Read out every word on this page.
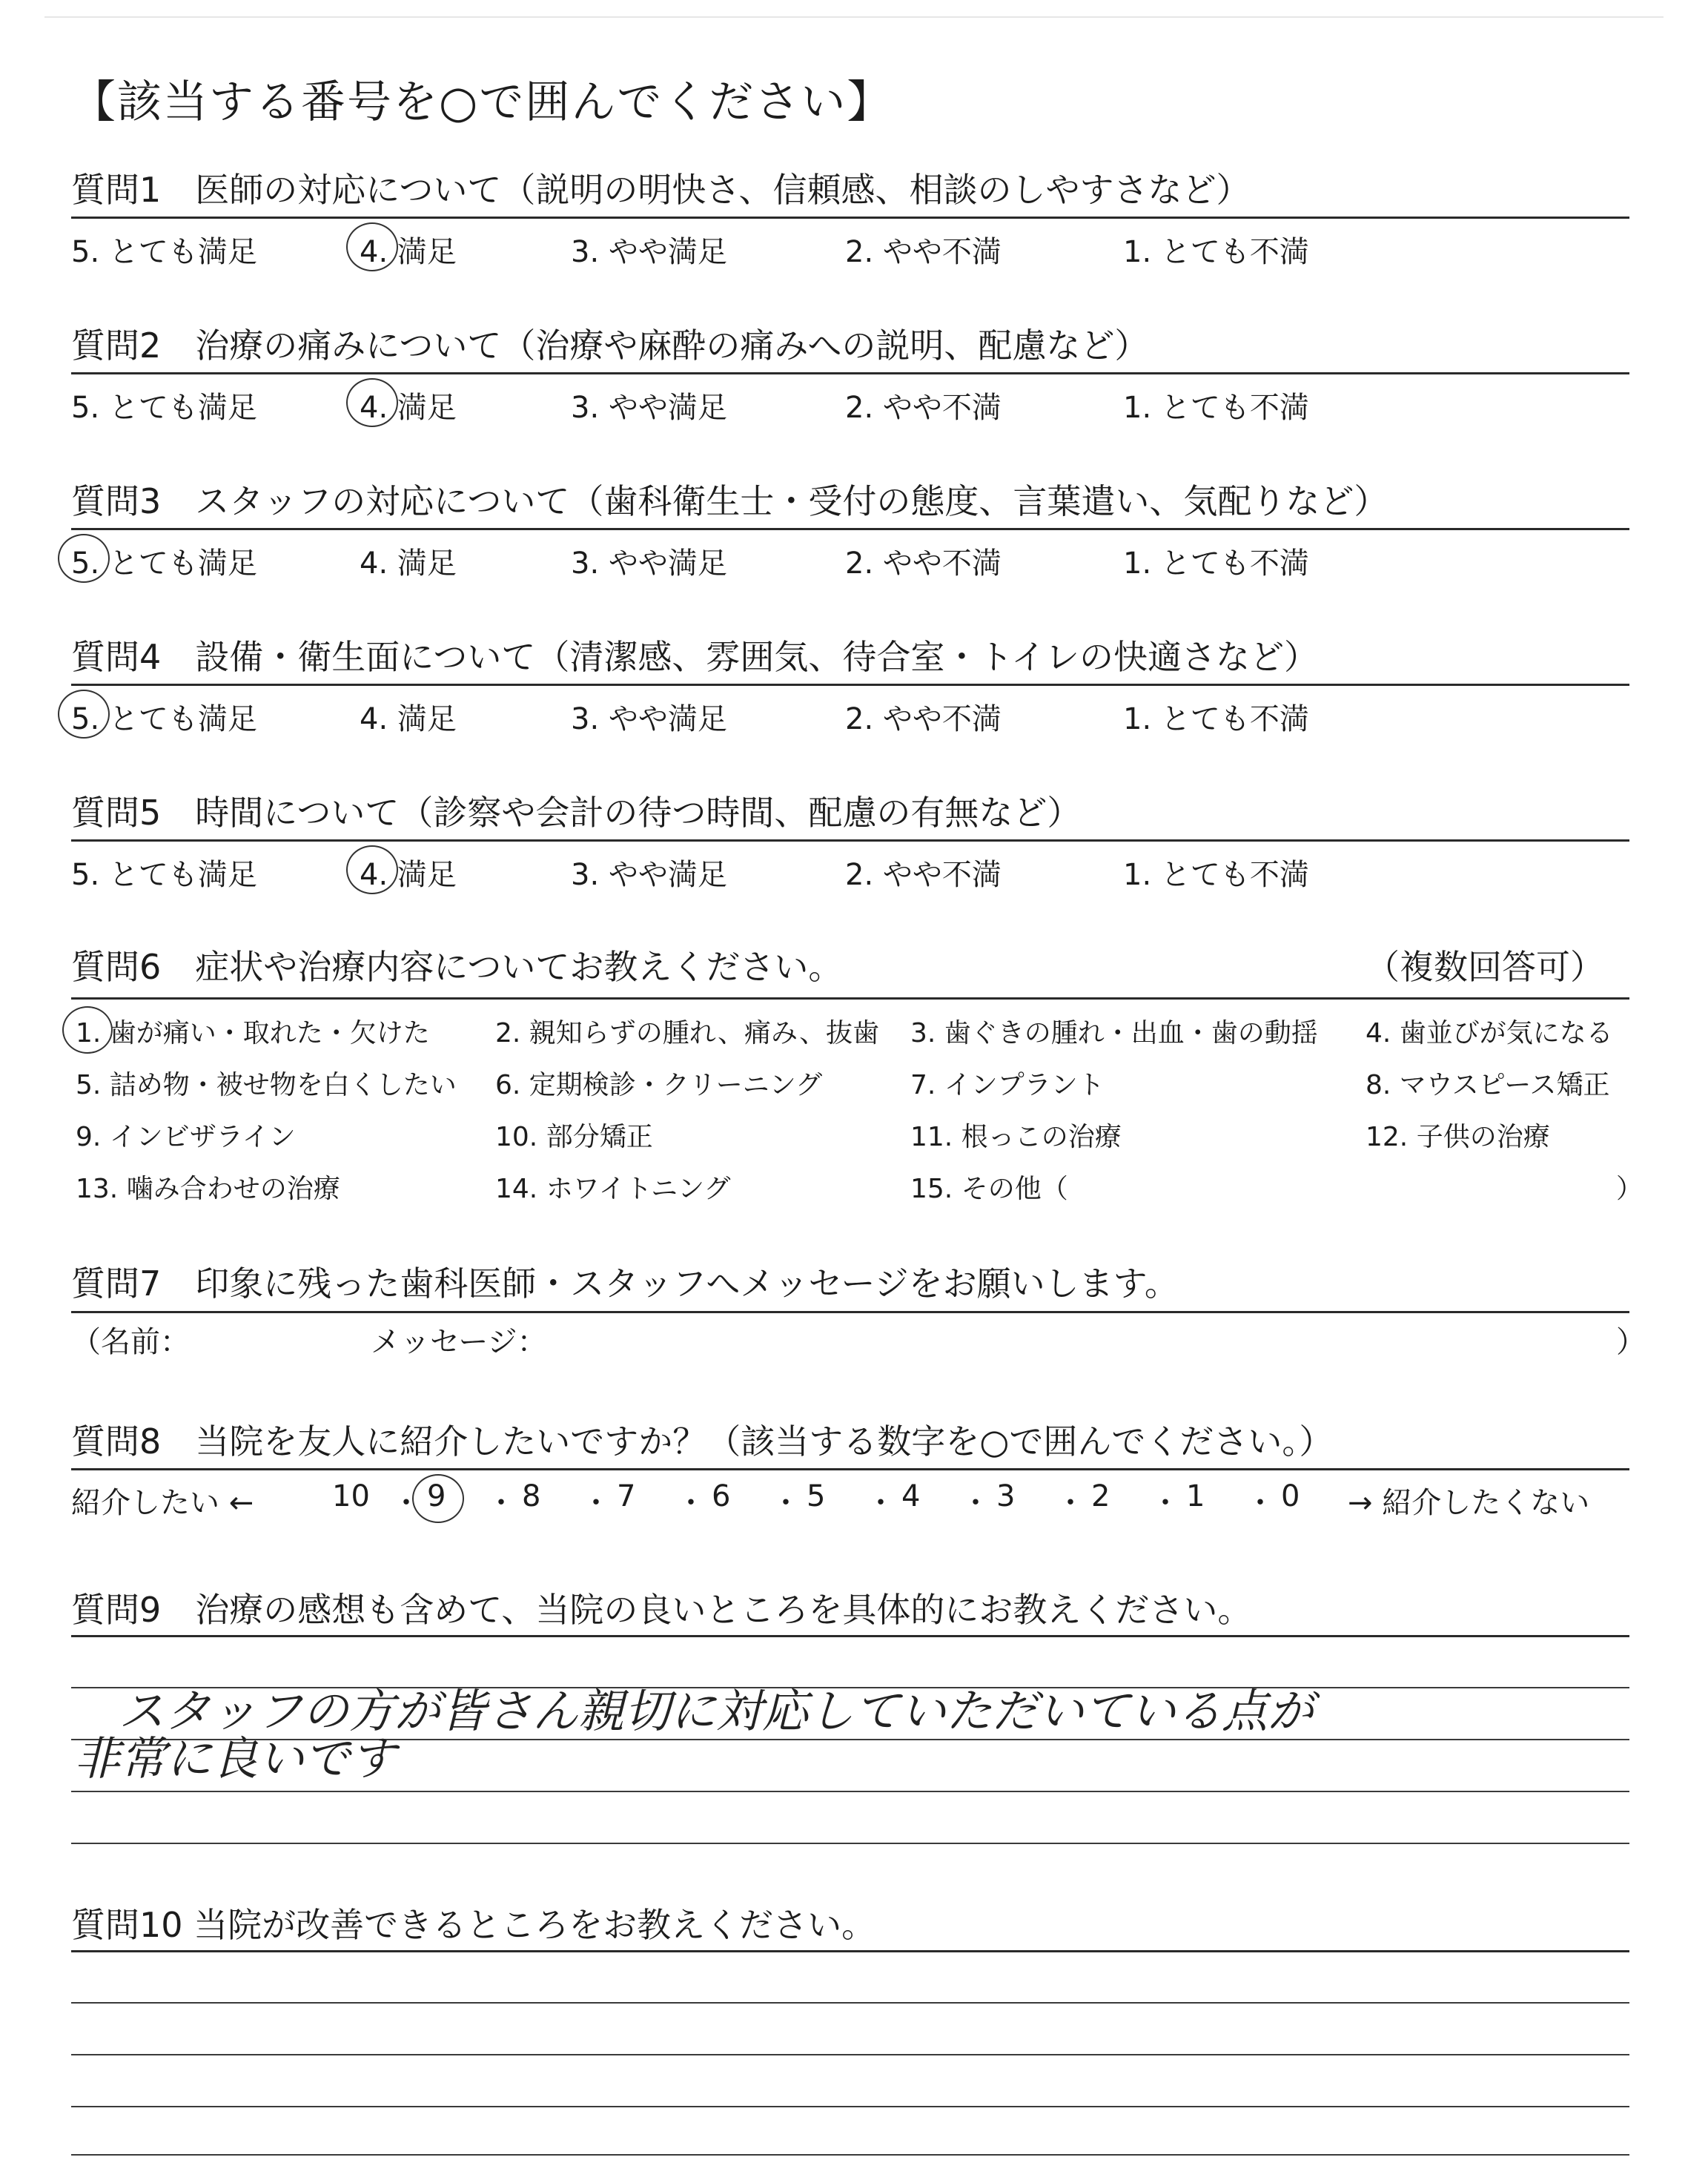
【該当する番号を○で囲んでください】
質問1　医師の対応について（説明の明快さ、信頼感、相談のしやすさなど）
5. とても満足	4. 満足	3. やや満足	2. やや不満	1. とても不満
質問2　治療の痛みについて（治療や麻酔の痛みへの説明、配慮など）
5. とても満足	4. 満足	3. やや満足	2. やや不満	1. とても不満
質問3　スタッフの対応について（歯科衛生士・受付の態度、言葉遣い、気配りなど）
5. とても満足	4. 満足	3. やや満足	2. やや不満	1. とても不満
質問4　設備・衛生面について（清潔感、雰囲気、待合室・トイレの快適さなど）
5. とても満足	4. 満足	3. やや満足	2. やや不満	1. とても不満
質問5　時間について（診察や会計の待つ時間、配慮の有無など）
5. とても満足	4. 満足	3. やや満足	2. やや不満	1. とても不満
質問6　症状や治療内容についてお教えください。	（複数回答可）
1. 歯が痛い・取れた・欠けた 2. 親知らずの腫れ、痛み、抜歯 3. 歯ぐきの腫れ・出血・歯の動揺 4. 歯並びが気になる
5. 詰め物・被せ物を白くしたい 6. 定期検診・クリーニング	7. インプラント	8. マウスピース矯正
9. インビザライン	10. 部分矯正	11. 根っこの治療	12. 子供の治療
13. 噛み合わせの治療	14. ホワイトニング	15. その他（	）
質問7　印象に残った歯科医師・スタッフへメッセージをお願いします。
（名前：	メッセージ：	）
質問8　当院を友人に紹介したいですか？（該当する数字を○で囲んでください。）
紹介したい ←	→ 紹介したくない
10 ・ 9 ・ 8 ・ 7 ・ 6 ・ 5 ・ 4 ・ 3 ・ 2 ・ 1 ・ 0
質問9　治療の感想も含めて、当院の良いところを具体的にお教えください。
スタッフの方が皆さん親切に対応していただいている点が
非常に良いです
質問10 当院が改善できるところをお教えください。
